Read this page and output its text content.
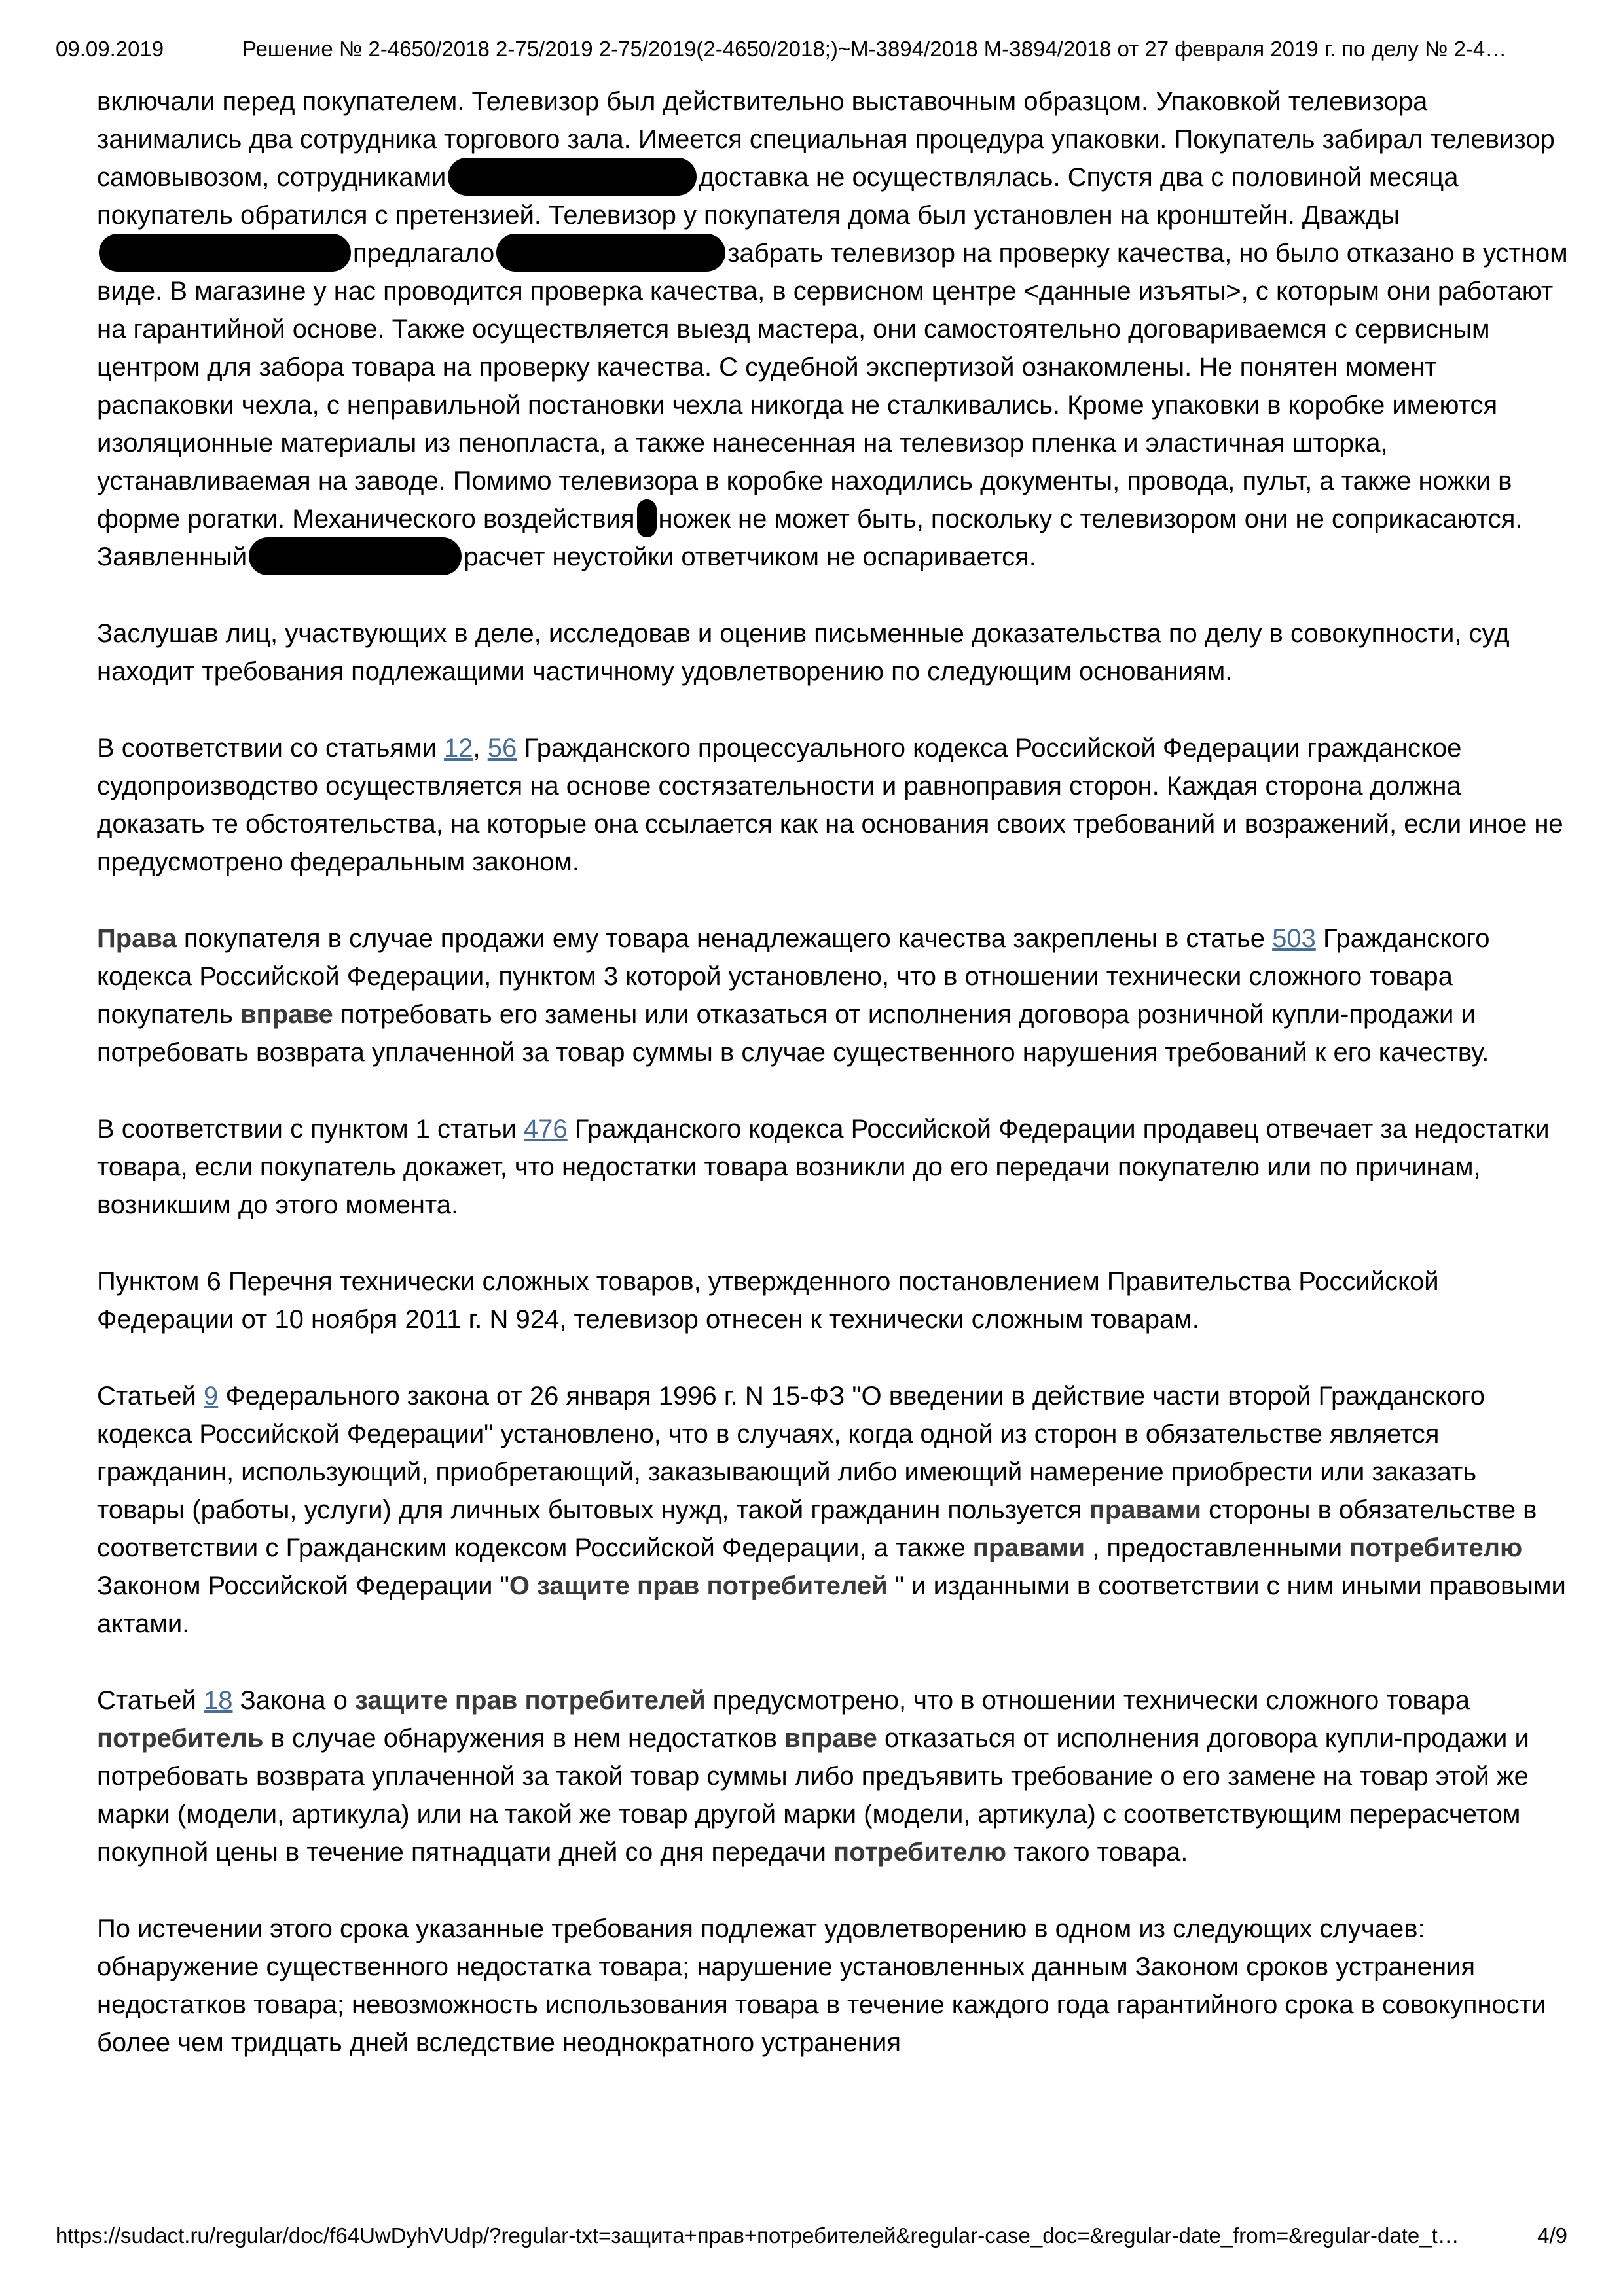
09.09.2019	Решение № 2-4650/2018 2-75/2019 2-75/2019(2-4650/2018;)~М-3894/2018 М-3894/2018 от 27 февраля 2019 г. по делу № 2-4…

включали перед покупателем. Телевизор был действительно выставочным образцом. Упаковкой телевизора занимались два сотрудника торгового зала. Имеется специальная процедура упаковки. Покупатель забирал телевизор самовывозом, сотрудниками	доставка не осуществлялась. Спустя два с половиной месяца покупатель обратился с претензией. Телевизор у покупателя дома был установлен на кронштейн. Дваждыпредлагало	забрать телевизор на проверку качества, но было отказано в устном виде. В магазине у нас проводится проверка качества, в сервисном центре <данные изъяты>, с которым они работают на гарантийной основе. Также осуществляется выезд мастера, они самостоятельно договариваемся с сервисным центром для забора товара на проверку качества. С судебной экспертизой ознакомлены. Не понятен момент распаковки чехла, с неправильной постановки чехла никогда не сталкивались. Кроме упаковки в коробке имеются изоляционные материалы из пенопласта, а также нанесенная на телевизор пленка и эластичная шторка, устанавливаемая на заводе. Помимо телевизора в коробке находились документы, провода, пульт, а также ножки в форме рогатки. Механического воздействия ножек не может быть, поскольку с телевизором они не соприкасаются. Заявленный	расчет неустойки ответчиком не оспаривается.

Заслушав лиц, участвующих в деле, исследовав и оценив письменные доказательства по делу в совокупности, суд находит требования подлежащими частичному удовлетворению по следующим основаниям.

В соответствии со статьями 12, 56 Гражданского процессуального кодекса Российской Федерации гражданское судопроизводство осуществляется на основе состязательности и равноправия сторон. Каждая сторона должна доказать те обстоятельства, на которые она ссылается как на основания своих требований и возражений, если иное не предусмотрено федеральным законом.

Права покупателя в случае продажи ему товара ненадлежащего качества закреплены в статье 503 Гражданского кодекса Российской Федерации, пунктом 3 которой установлено, что в отношении технически сложного товара покупатель вправе потребовать его замены или отказаться от исполнения договора розничной купли-продажи и потребовать возврата уплаченной за товар суммы в случае существенного нарушения требований к его качеству.

В соответствии с пунктом 1 статьи 476 Гражданского кодекса Российской Федерации продавец отвечает за недостатки товара, если покупатель докажет, что недостатки товара возникли до его передачи покупателю или по причинам, возникшим до этого момента.

Пунктом 6 Перечня технически сложных товаров, утвержденного постановлением Правительства Российской Федерации от 10 ноября 2011 г. N 924, телевизор отнесен к технически сложным товарам.

Статьей 9 Федерального закона от 26 января 1996 г. N 15-ФЗ "О введении в действие части второй Гражданского кодекса Российской Федерации" установлено, что в случаях, когда одной из сторон в обязательстве является гражданин, использующий, приобретающий, заказывающий либо имеющий намерение приобрести или заказать товары (работы, услуги) для личных бытовых нужд, такой гражданин пользуется правами стороны в обязательстве в соответствии с Гражданским кодексом Российской Федерации, а также правами , предоставленными потребителю Законом Российской Федерации "О защите прав потребителей " и изданными в соответствии с ним иными правовыми актами.

Статьей 18 Закона о защите прав потребителей предусмотрено, что в отношении технически сложного товара потребитель в случае обнаружения в нем недостатков вправе отказаться от исполнения договора купли-продажи и потребовать возврата уплаченной за такой товар суммы либо предъявить требование о его замене на товар этой же марки (модели, артикула) или на такой же товар другой марки (модели, артикула) с соответствующим перерасчетом покупной цены в течение пятнадцати дней со дня передачи потребителю такого товара.

По истечении этого срока указанные требования подлежат удовлетворению в одном из следующих случаев: обнаружение существенного недостатка товара; нарушение установленных данным Законом сроков устранения недостатков товара; невозможность использования товара в течение каждого года гарантийного срока в совокупности более чем тридцать дней вследствие неоднократного устранения

https://sudact.ru/regular/doc/f64UwDyhVUdp/?regular-txt=защита+прав+потребителей&regular-case_doc=&regular-date_from=&regular-date_t…	4/9
